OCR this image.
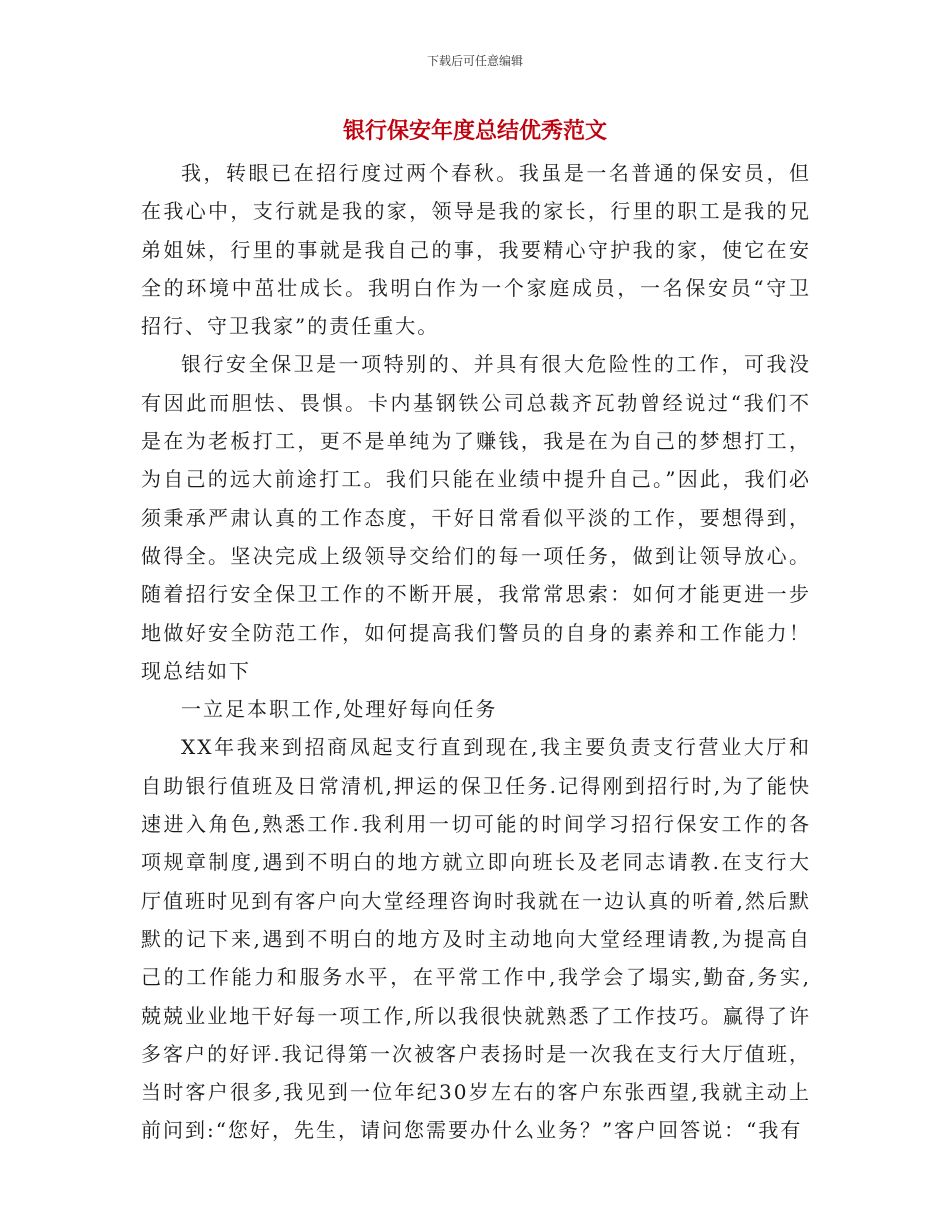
下载后可任意编辑
银行保安年度总结优秀范文

我，转眼已在招行度过两个春秋。我虽是一名普通的保安员，但在我心中，支行就是我的家，领导是我的家长，行里的职工是我的兄弟姐妹，行里的事就是我自己的事，我要精心守护我的家，使它在安全的环境中茁壮成长。我明白作为一个家庭成员，一名保安员“守卫招行、守卫我家”的责任重大。

银行安全保卫是一项特别的、并具有很大危险性的工作，可我没有因此而胆怯、畏惧。卡内基钢铁公司总裁齐瓦勃曾经说过“我们不是在为老板打工，更不是单纯为了赚钱，我是在为自己的梦想打工，为自己的远大前途打工。我们只能在业绩中提升自己。”因此，我们必须秉承严肃认真的工作态度，干好日常看似平淡的工作，要想得到，做得全。坚决完成上级领导交给们的每一项任务，做到让领导放心。随着招行安全保卫工作的不断开展，我常常思索：如何才能更进一步地做好安全防范工作，如何提高我们警员的自身的素养和工作能力！现总结如下

一立足本职工作,处理好每向任务

XX年我来到招商凤起支行直到现在,我主要负责支行营业大厅和自助银行值班及日常清机,押运的保卫任务.记得刚到招行时,为了能快速进入角色,熟悉工作.我利用一切可能的时间学习招行保安工作的各项规章制度,遇到不明白的地方就立即向班长及老同志请教.在支行大厅值班时见到有客户向大堂经理咨询时我就在一边认真的听着,然后默默的记下来,遇到不明白的地方及时主动地向大堂经理请教,为提高自己的工作能力和服务水平，在平常工作中,我学会了塌实,勤奋,务实,兢兢业业地干好每一项工作,所以我很快就熟悉了工作技巧。赢得了许多客户的好评.我记得第一次被客户表扬时是一次我在支行大厅值班，当时客户很多,我见到一位年纪30岁左右的客户东张西望,我就主动上前问到:“您好，先生，请问您需要办什么业务？”客户回答说：“我有
